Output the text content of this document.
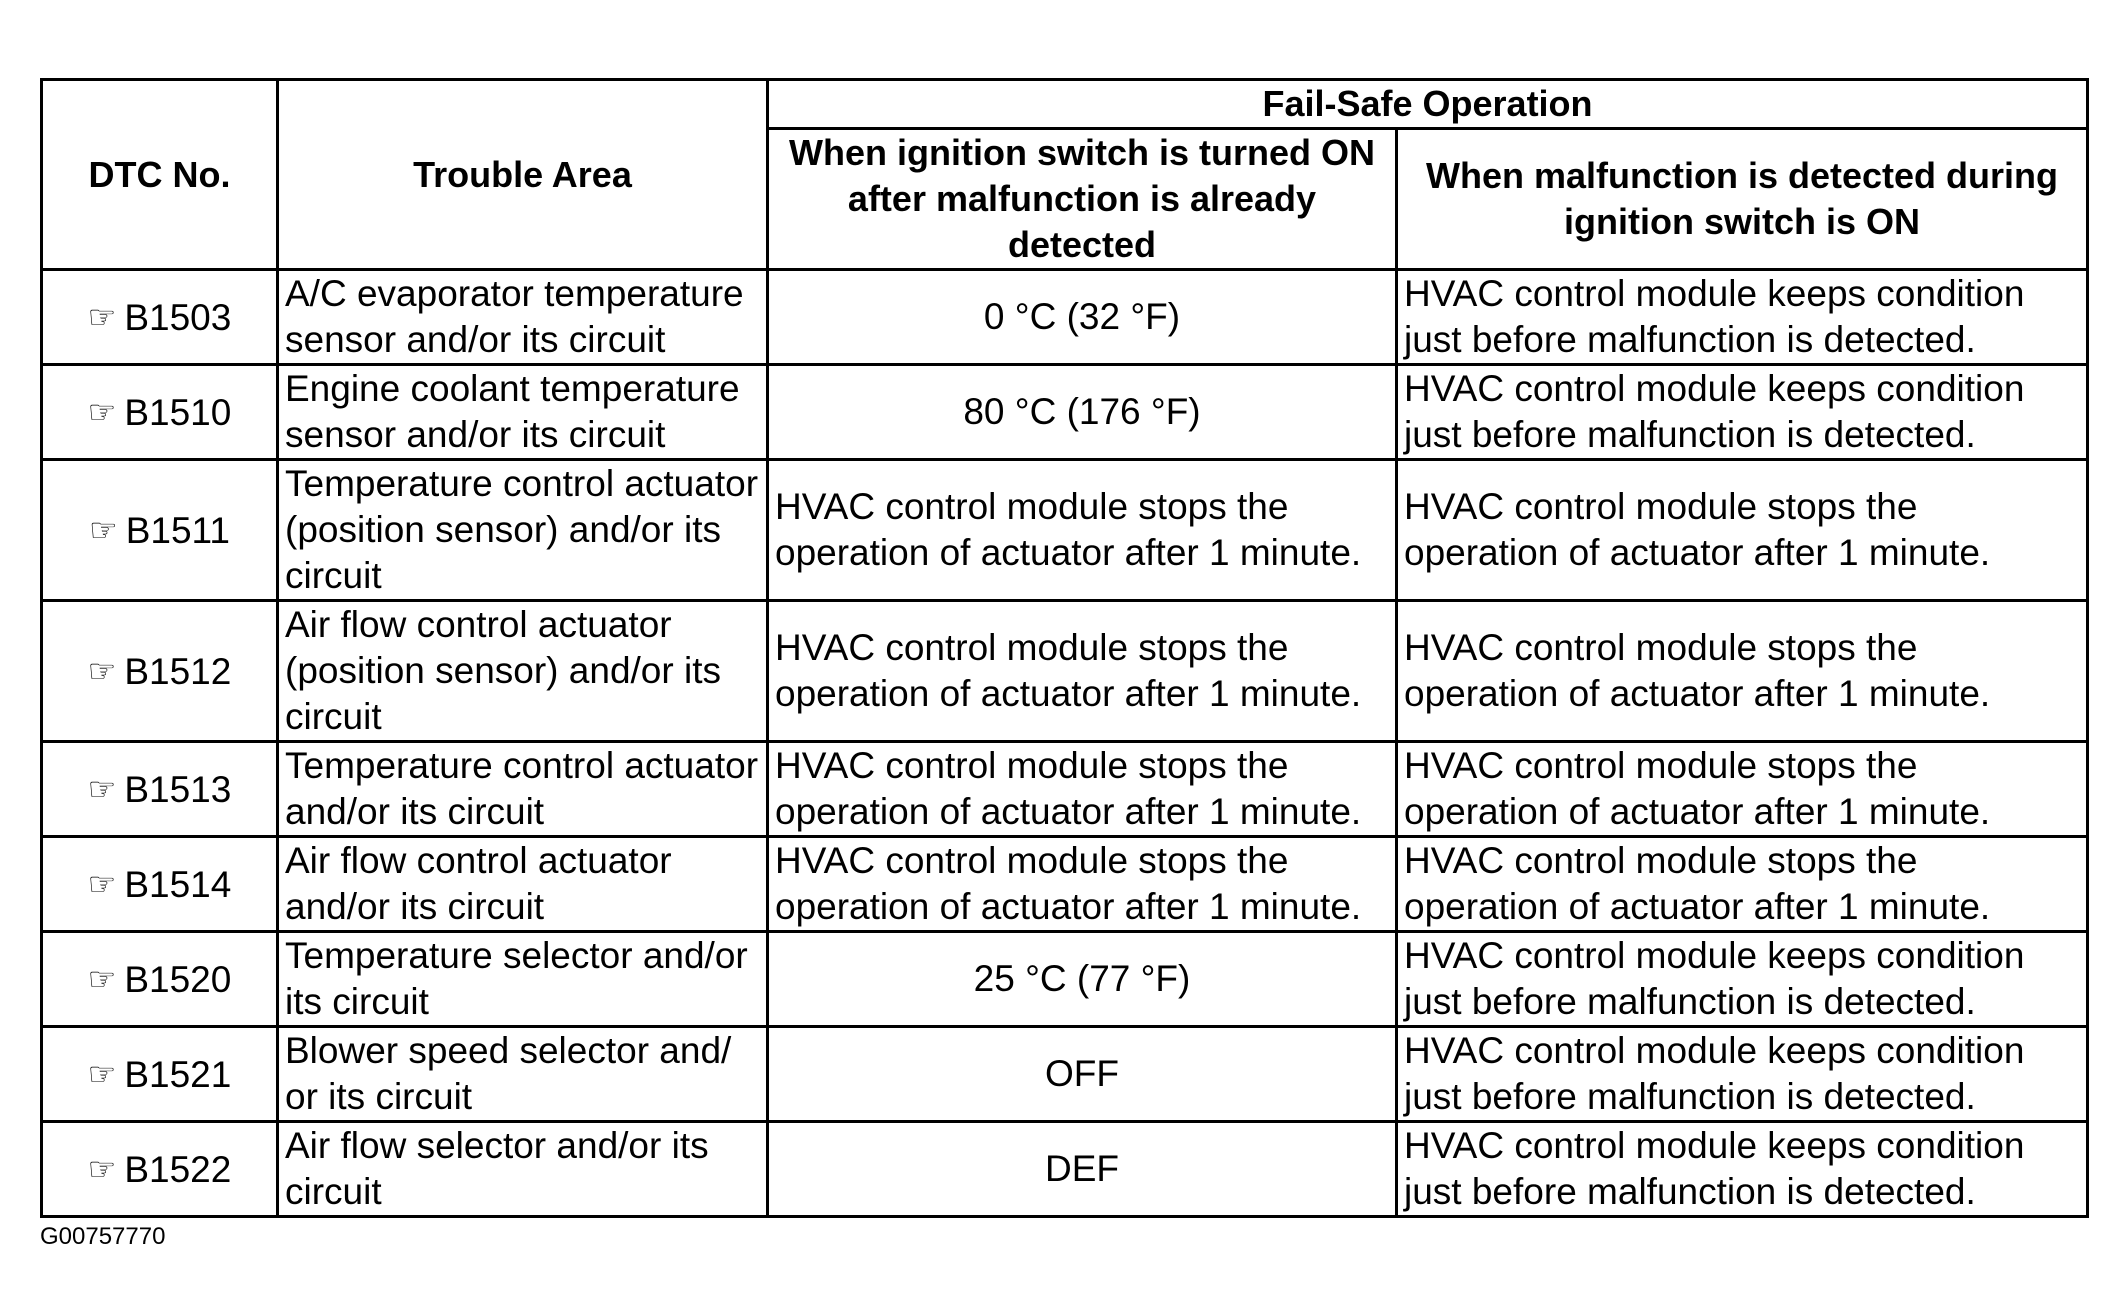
DTC No.	Trouble Area	Fail-Safe Operation	
		When ignition switch is turned ON after malfunction is already detected	When malfunction is detected during ignition switch is ON
☞ B1503	A/C evaporator temperature sensor and/or its circuit	0 °C (32 °F)	HVAC control module keeps condition just before malfunction is detected.
☞ B1510	Engine coolant temperature sensor and/or its circuit	80 °C (176 °F)	HVAC control module keeps condition just before malfunction is detected.
☞ B1511	Temperature control actuator (position sensor) and/or its circuit	HVAC control module stops the operation of actuator after 1 minute.	HVAC control module stops the operation of actuator after 1 minute.
☞ B1512	Air flow control actuator (position sensor) and/or its circuit	HVAC control module stops the operation of actuator after 1 minute.	HVAC control module stops the operation of actuator after 1 minute.
☞ B1513	Temperature control actuator and/or its circuit	HVAC control module stops the operation of actuator after 1 minute.	HVAC control module stops the operation of actuator after 1 minute.
☞ B1514	Air flow control actuator and/or its circuit	HVAC control module stops the operation of actuator after 1 minute.	HVAC control module stops the operation of actuator after 1 minute.
☞ B1520	Temperature selector and/or its circuit	25 °C (77 °F)	HVAC control module keeps condition just before malfunction is detected.
☞ B1521	Blower speed selector and/ or its circuit	OFF	HVAC control module keeps condition just before malfunction is detected.
☞ B1522	Air flow selector and/or its circuit	DEF	HVAC control module keeps condition just before malfunction is detected.
G00757770
